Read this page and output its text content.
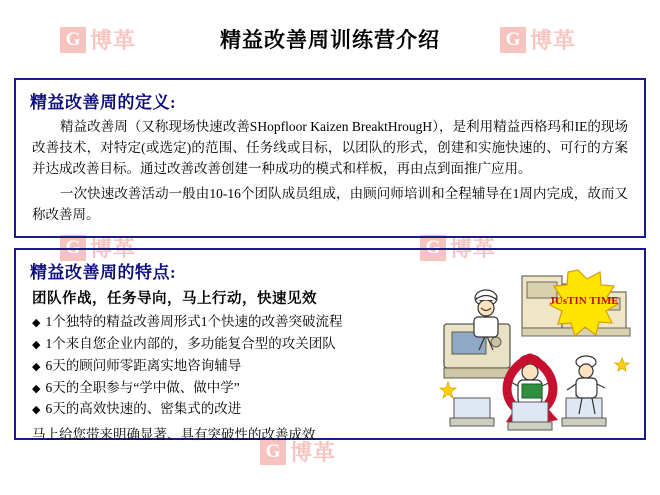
G 博革	G 博革
G 博革	G 博革
G 博革
精益改善周训练营介绍
精益改善周的定义:

精益改善周（又称现场快速改善SHopfloor Kaizen BreaktHrougH），是利用精益西格玛和IE的现场改善技术，对特定(或选定)的范围、任务线或目标，以团队的形式，创建和实施快速的、可行的方案并达成改善目标。通过改善改善创建一种成功的模式和样板，再由点到面推广应用。

一次快速改善活动一般由10-16个团队成员组成，由顾问师培训和全程辅导在1周内完成，故而又称改善周。

精益改善周的特点:
团队作战，任务导向，马上行动，快速见效
◆ 1个独特的精益改善周形式1个快速的改善突破流程
◆ 1个来自您企业内部的，多功能复合型的攻关团队
◆ 6天的顾问师零距离实地咨询辅导
◆ 6天的全职参与“学中做、做中学”
◆ 6天的高效快速的、密集式的改进
马上给您带来明确显著、具有突破性的改善成效
JUsTIN TIME
